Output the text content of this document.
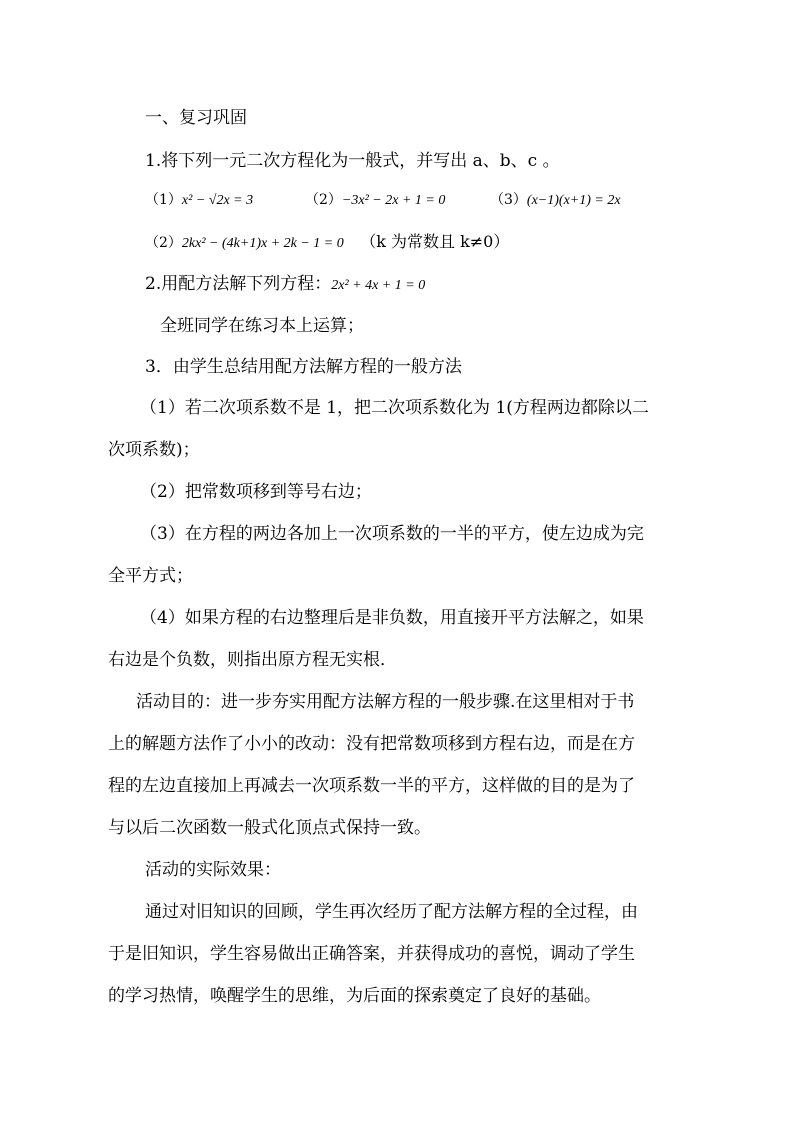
一、复习巩固
1.将下列一元二次方程化为一般式，并写出 a、b、c 。
（1）x² − √2x = 3	（2）−3x² − 2x + 1 = 0	（3）(x−1)(x+1) = 2x
（2）2kx² − (4k+1)x + 2k − 1 = 0 （k 为常数且 k≠0）
2.用配方法解下列方程：2x² + 4x + 1 = 0
全班同学在练习本上运算；
3．由学生总结用配方法解方程的一般方法
（1）若二次项系数不是 1，把二次项系数化为 1(方程两边都除以二
次项系数)；
（2）把常数项移到等号右边；
（3）在方程的两边各加上一次项系数的一半的平方，使左边成为完
全平方式；
（4）如果方程的右边整理后是非负数，用直接开平方法解之，如果
右边是个负数，则指出原方程无实根．
活动目的：进一步夯实用配方法解方程的一般步骤.在这里相对于书
上的解题方法作了小小的改动：没有把常数项移到方程右边，而是在方
程的左边直接加上再减去一次项系数一半的平方，这样做的目的是为了
与以后二次函数一般式化顶点式保持一致。
活动的实际效果：
通过对旧知识的回顾，学生再次经历了配方法解方程的全过程，由
于是旧知识，学生容易做出正确答案，并获得成功的喜悦，调动了学生
的学习热情，唤醒学生的思维，为后面的探索奠定了良好的基础。
